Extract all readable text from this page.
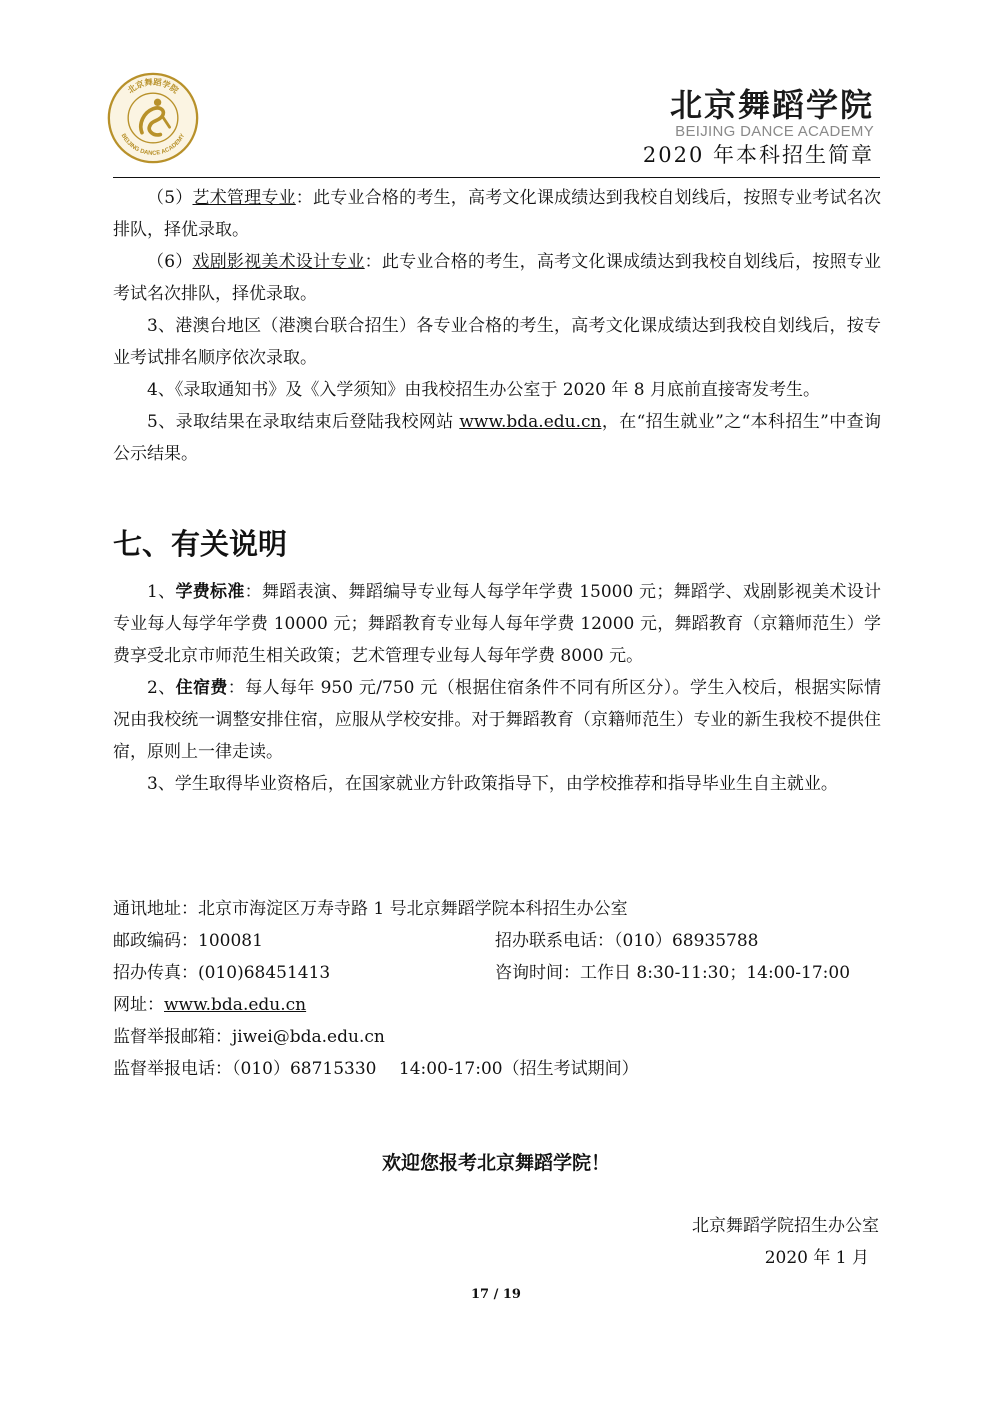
北京舞蹈学院
BEIJING DANCE ACADEMY
北京舞蹈学院
BEIJING DANCE ACADEMY
2020 年本科招生简章

（5）艺术管理专业：此专业合格的考生，高考文化课成绩达到我校自划线后，按照专业考试名次排队，择优录取。

（6）戏剧影视美术设计专业：此专业合格的考生，高考文化课成绩达到我校自划线后，按照专业考试名次排队，择优录取。

3、港澳台地区（港澳台联合招生）各专业合格的考生，高考文化课成绩达到我校自划线后，按专业考试排名顺序依次录取。

4、《录取通知书》及《入学须知》由我校招生办公室于 2020 年 8 月底前直接寄发考生。

5、录取结果在录取结束后登陆我校网站 www.bda.edu.cn，在“招生就业”之“本科招生”中查询公示结果。

七、有关说明

1、学费标准：舞蹈表演、舞蹈编导专业每人每学年学费 15000 元；舞蹈学、戏剧影视美术设计专业每人每学年学费 10000 元；舞蹈教育专业每人每年学费 12000 元，舞蹈教育（京籍师范生）学费享受北京市师范生相关政策；艺术管理专业每人每年学费 8000 元。

2、住宿费：每人每年 950 元/750 元（根据住宿条件不同有所区分）。学生入校后，根据实际情况由我校统一调整安排住宿，应服从学校安排。对于舞蹈教育（京籍师范生）专业的新生我校不提供住宿，原则上一律走读。

3、学生取得毕业资格后，在国家就业方针政策指导下，由学校推荐和指导毕业生自主就业。

通讯地址：北京市海淀区万寿寺路 1 号北京舞蹈学院本科招生办公室
邮政编码：100081	招办联系电话：（010）68935788
招办传真：(010)68451413	咨询时间：工作日 8:30-11:30；14:00-17:00
网址：www.bda.edu.cn
监督举报邮箱：jiwei@bda.edu.cn
监督举报电话：（010）68715330　 14:00-17:00（招生考试期间）
欢迎您报考北京舞蹈学院！
北京舞蹈学院招生办公室
2020 年 1 月
17 / 19
